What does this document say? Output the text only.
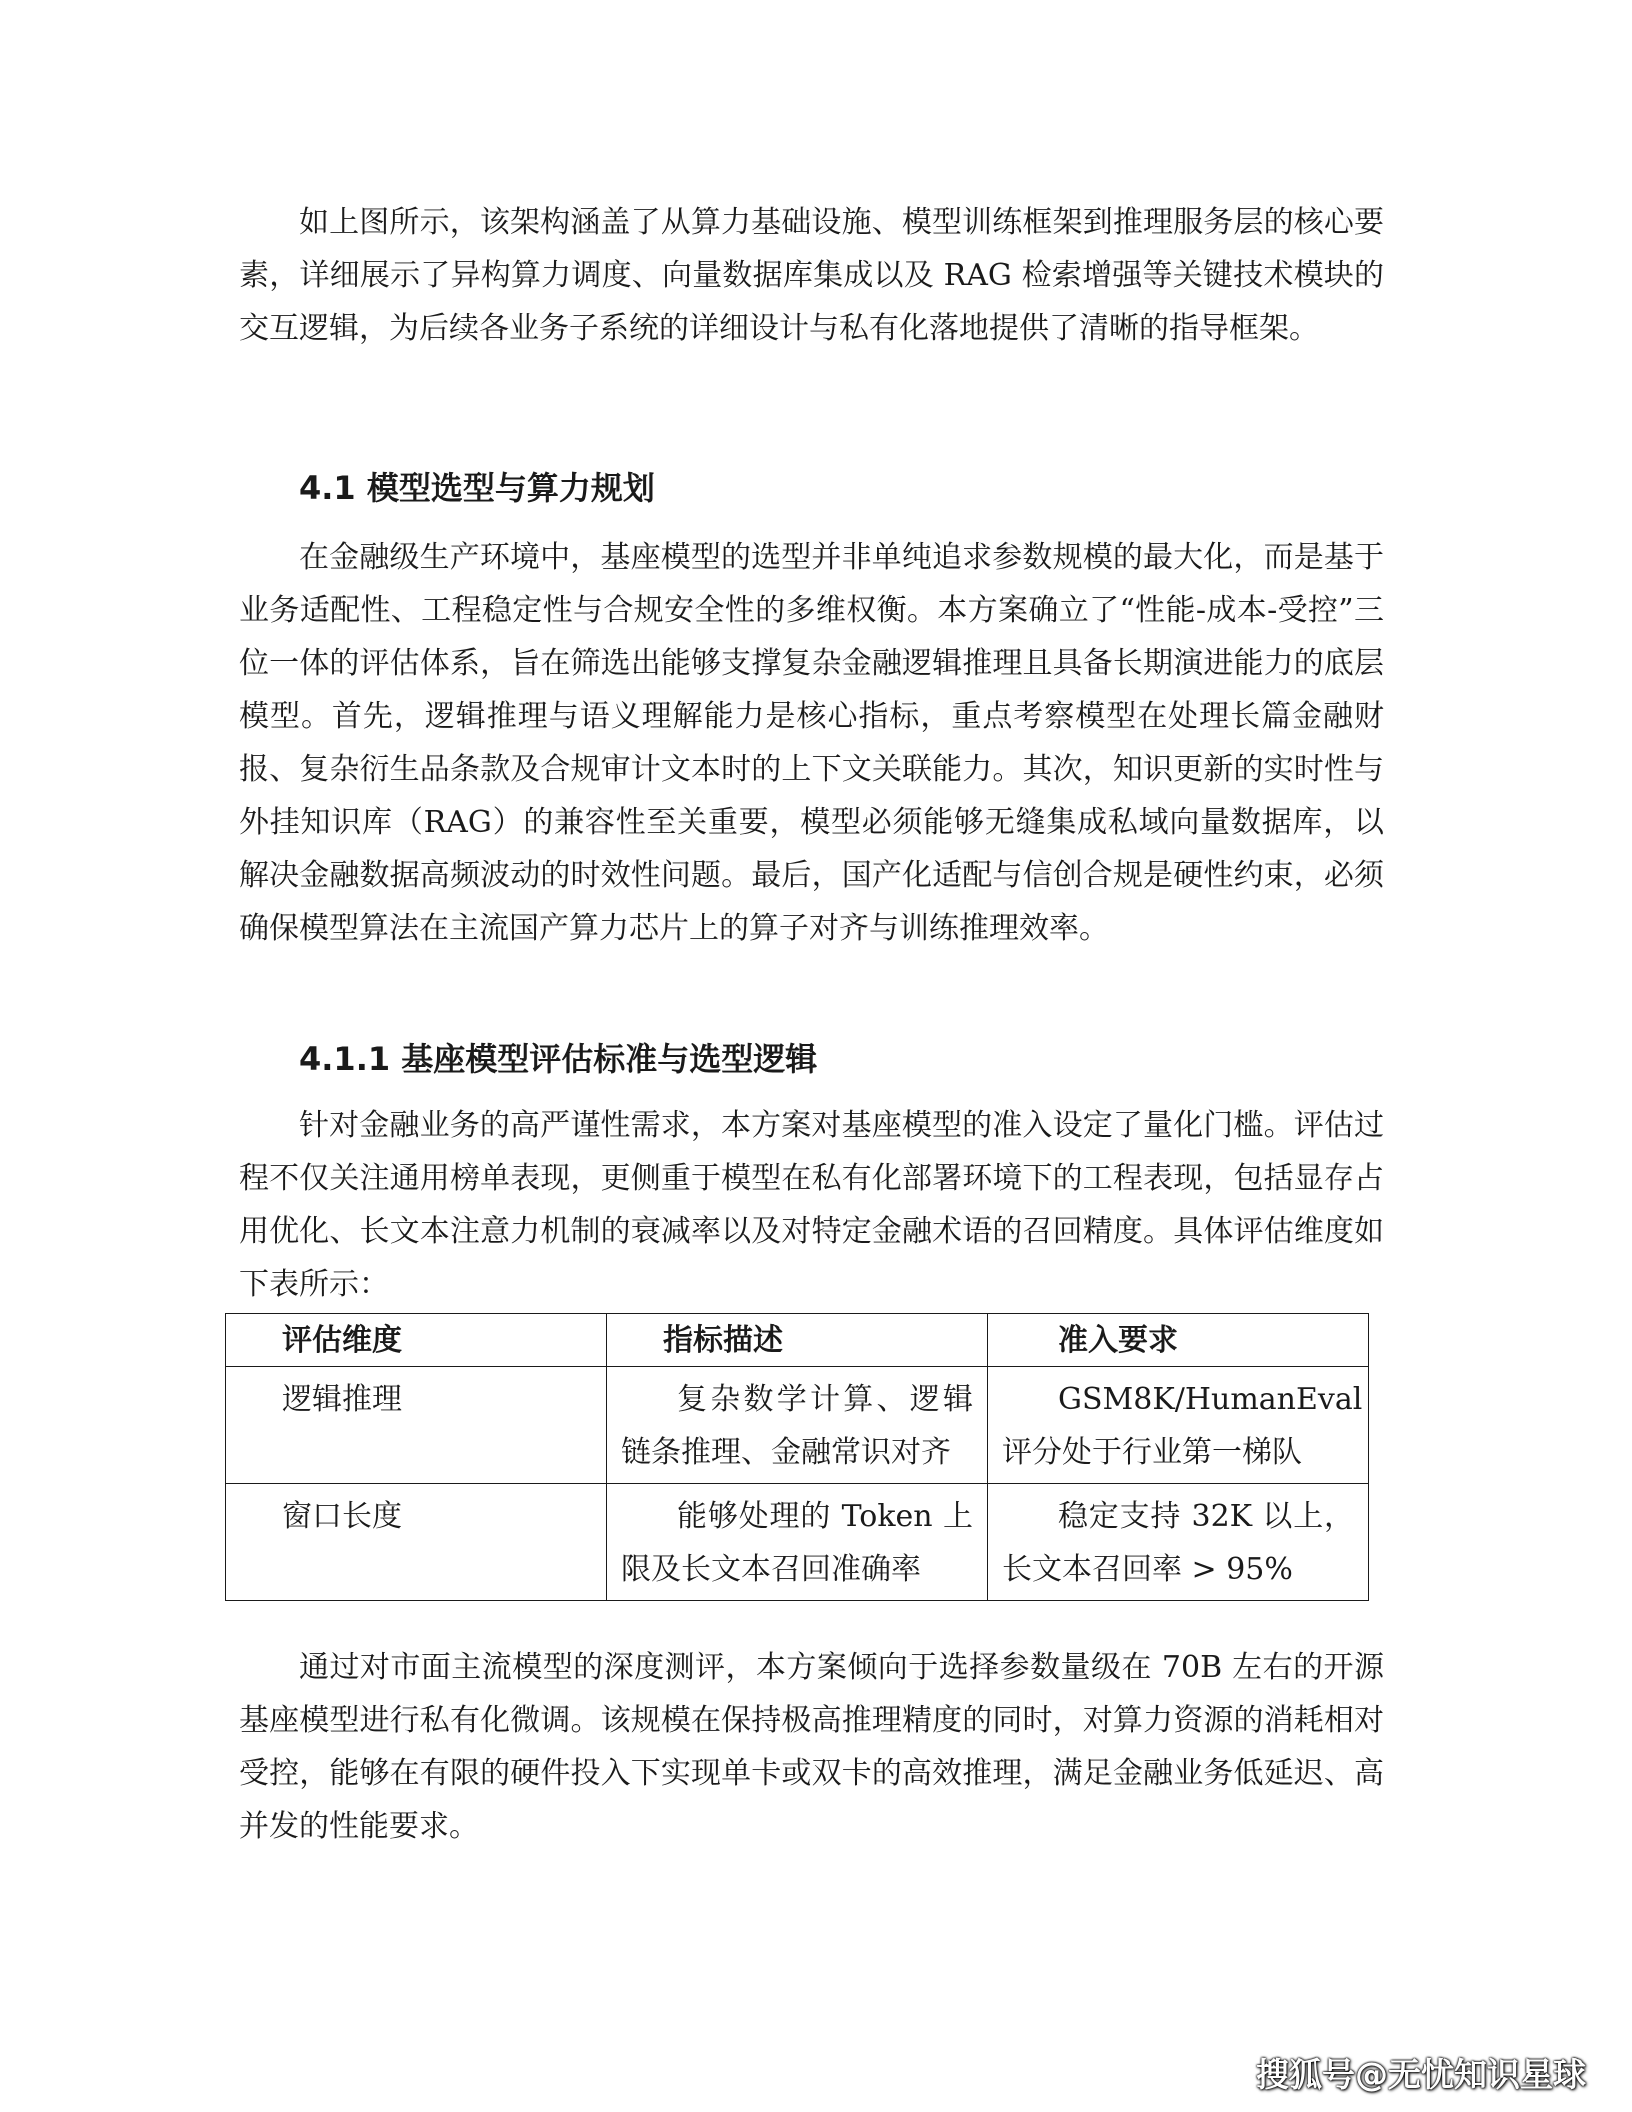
如上图所示，该架构涵盖了从算力基础设施、模型训练框架到推理服务层的核心要素，详细展示了异构算力调度、向量数据库集成以及 RAG 检索增强等关键技术模块的交互逻辑，为后续各业务子系统的详细设计与私有化落地提供了清晰的指导框架。

4.1 模型选型与算力规划

在金融级生产环境中，基座模型的选型并非单纯追求参数规模的最大化，而是基于业务适配性、工程稳定性与合规安全性的多维权衡。本方案确立了“性能-成本-受控”三位一体的评估体系，旨在筛选出能够支撑复杂金融逻辑推理且具备长期演进能力的底层模型。首先，逻辑推理与语义理解能力是核心指标，重点考察模型在处理长篇金融财报、复杂衍生品条款及合规审计文本时的上下文关联能力。其次，知识更新的实时性与外挂知识库（RAG）的兼容性至关重要，模型必须能够无缝集成私域向量数据库，以解决金融数据高频波动的时效性问题。最后，国产化适配与信创合规是硬性约束，必须确保模型算法在主流国产算力芯片上的算子对齐与训练推理效率。

4.1.1 基座模型评估标准与选型逻辑

针对金融业务的高严谨性需求，本方案对基座模型的准入设定了量化门槛。评估过程不仅关注通用榜单表现，更侧重于模型在私有化部署环境下的工程表现，包括显存占用优化、长文本注意力机制的衰减率以及对特定金融术语的召回精度。具体评估维度如下表所示：

评估维度	指标描述	准入要求
逻辑推理	复杂数学计算、逻辑链条推理、金融常识对齐	GSM8K/HumanEval 评分处于行业第一梯队
窗口长度	能够处理的 Token 上限及长文本召回准确率	稳定支持 32K 以上，长文本召回率 > 95%

通过对市面主流模型的深度测评，本方案倾向于选择参数量级在 70B 左右的开源基座模型进行私有化微调。该规模在保持极高推理精度的同时，对算力资源的消耗相对受控，能够在有限的硬件投入下实现单卡或双卡的高效推理，满足金融业务低延迟、高并发的性能要求。

搜狐号@无忧知识星球
